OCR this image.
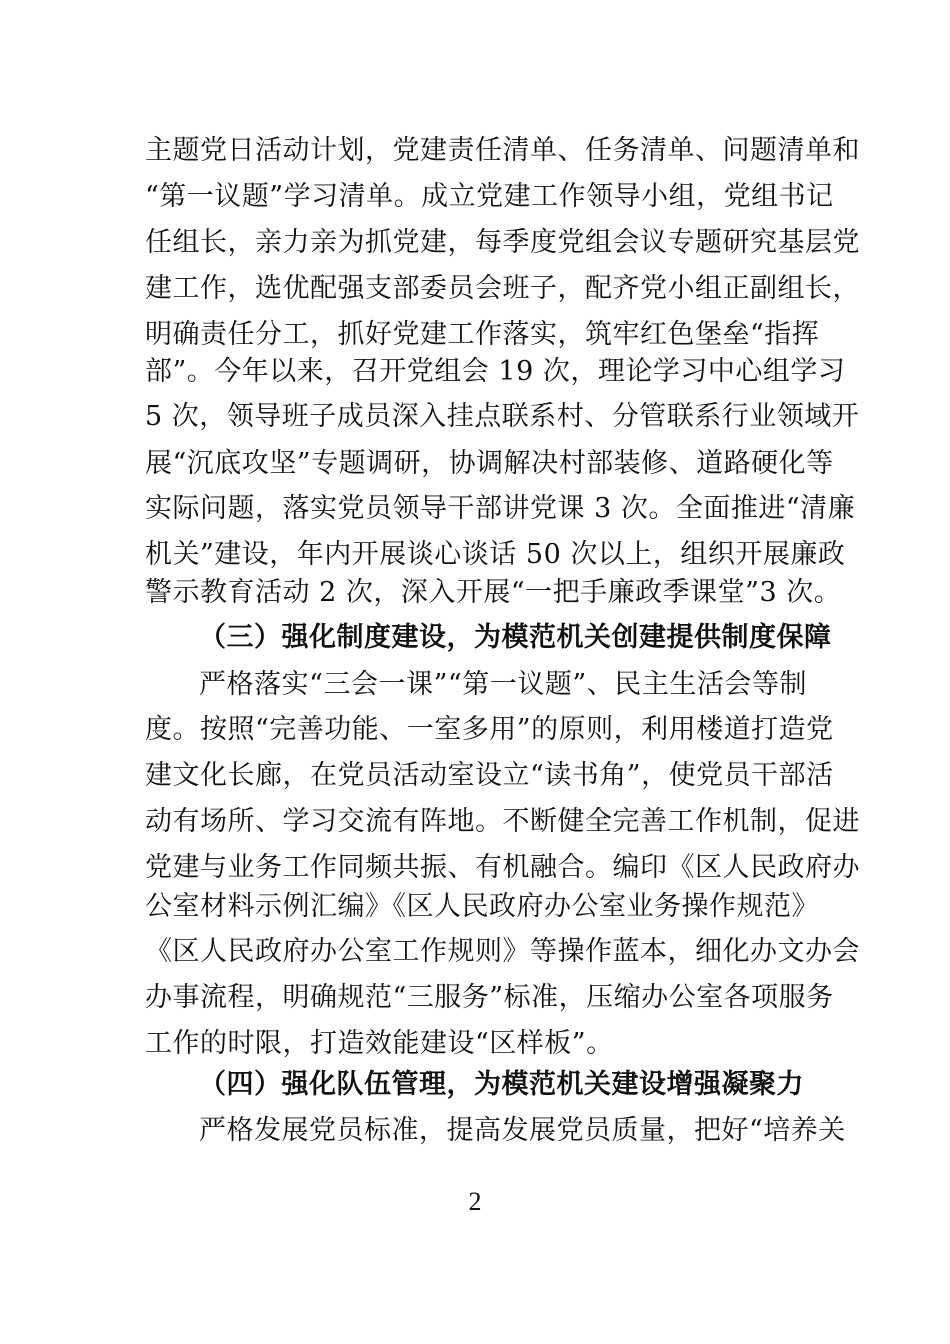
主题党日活动计划，党建责任清单、任务清单、问题清单和
“第一议题”学习清单。成立党建工作领导小组，党组书记
任组长，亲力亲为抓党建，每季度党组会议专题研究基层党
建工作，选优配强支部委员会班子，配齐党小组正副组长，
明确责任分工，抓好党建工作落实，筑牢红色堡垒“指挥
部”。今年以来，召开党组会 19 次，理论学习中心组学习
5 次，领导班子成员深入挂点联系村、分管联系行业领域开
展“沉底攻坚”专题调研，协调解决村部装修、道路硬化等
实际问题，落实党员领导干部讲党课 3 次。全面推进“清廉
机关”建设，年内开展谈心谈话 50 次以上，组织开展廉政
警示教育活动 2 次，深入开展“一把手廉政季课堂”3 次。
（三）强化制度建设，为模范机关创建提供制度保障
严格落实“三会一课”“第一议题”、民主生活会等制
度。按照“完善功能、一室多用”的原则，利用楼道打造党
建文化长廊，在党员活动室设立“读书角”，使党员干部活
动有场所、学习交流有阵地。不断健全完善工作机制，促进
党建与业务工作同频共振、有机融合。编印《区人民政府办
公室材料示例汇编》《区人民政府办公室业务操作规范》
《区人民政府办公室工作规则》等操作蓝本，细化办文办会
办事流程，明确规范“三服务”标准，压缩办公室各项服务
工作的时限，打造效能建设“区样板”。
（四）强化队伍管理，为模范机关建设增强凝聚力
严格发展党员标准，提高发展党员质量，把好“培养关
2
